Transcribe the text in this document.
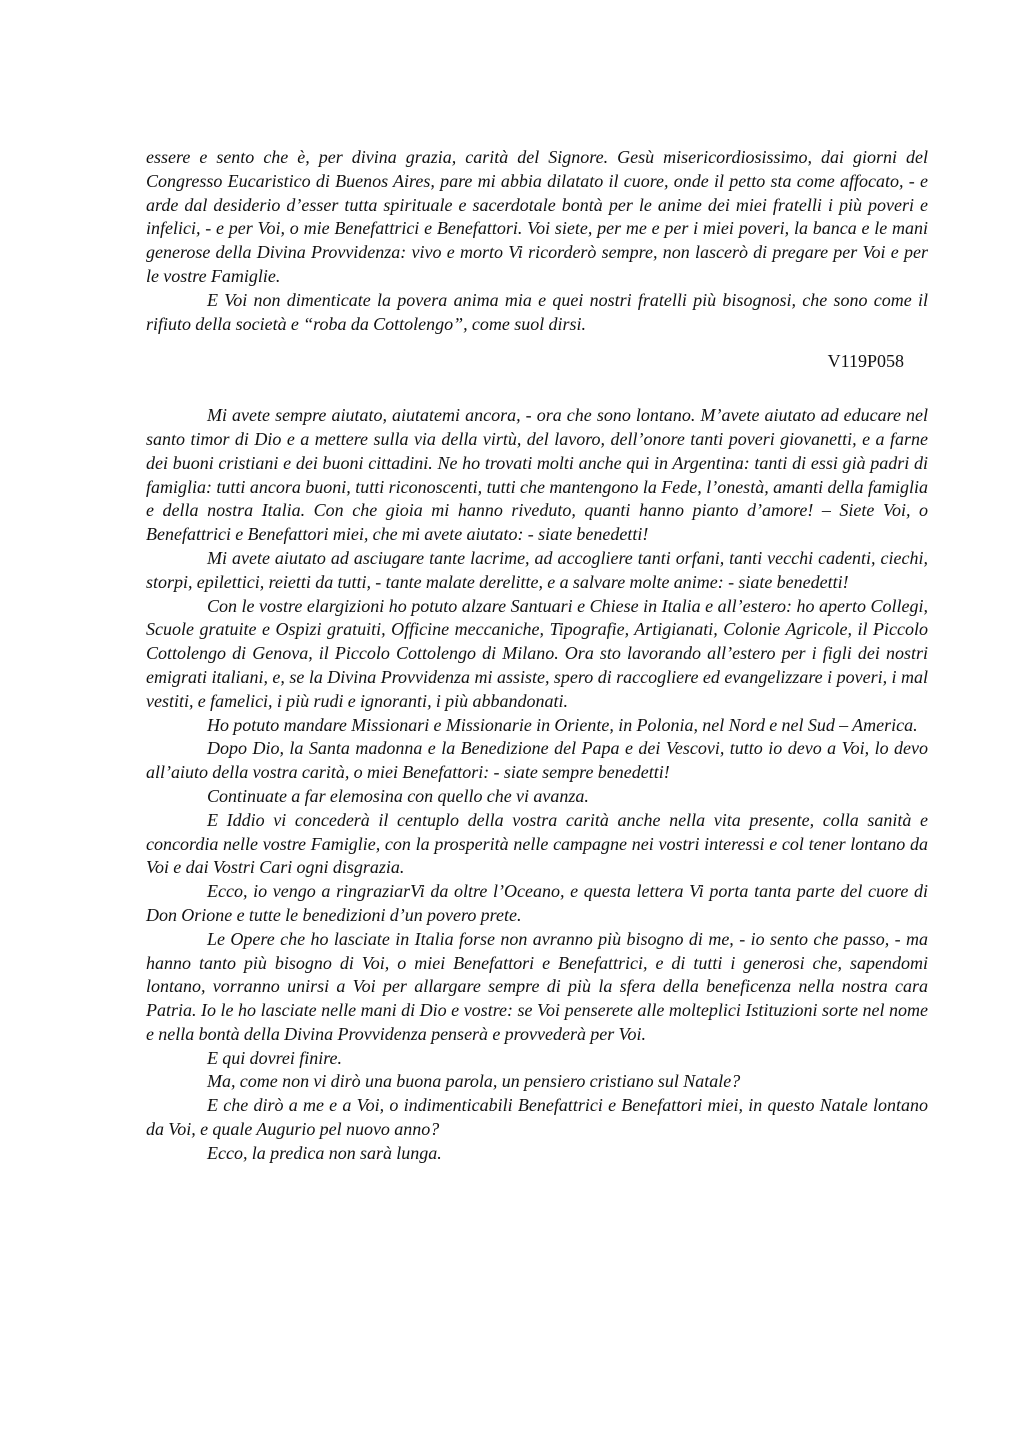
essere e sento che è, per divina grazia, carità del Signore. Gesù misericordiosissimo, dai giorni del Congresso Eucaristico di Buenos Aires, pare mi abbia dilatato il cuore, onde il petto sta come affocato, - e arde dal desiderio d’esser tutta spirituale e sacerdotale bontà per le anime dei miei fratelli i più poveri e infelici, - e per Voi, o mie Benefattrici e Benefattori. Voi siete, per me e per i miei poveri, la banca e le mani generose della Divina Provvidenza: vivo e morto Vi ricorderò sempre, non lascerò di pregare per Voi e per le vostre Famiglie.

E Voi non dimenticate la povera anima mia e quei nostri fratelli più bisognosi, che sono come il rifiuto della società e “roba da Cottolengo”, come suol dirsi.

V119P058

Mi avete sempre aiutato, aiutatemi ancora, - ora che sono lontano. M’avete aiutato ad educare nel santo timor di Dio e a mettere sulla via della virtù, del lavoro, dell’onore tanti poveri giovanetti, e a farne dei buoni cristiani e dei buoni cittadini. Ne ho trovati molti anche qui in Argentina: tanti di essi già padri di famiglia: tutti ancora buoni, tutti riconoscenti, tutti che mantengono la Fede, l’onestà, amanti della famiglia e della nostra Italia. Con che gioia mi hanno riveduto, quanti hanno pianto d’amore! – Siete Voi, o Benefattrici e Benefattori miei, che mi avete aiutato: - siate benedetti!

Mi avete aiutato ad asciugare tante lacrime, ad accogliere tanti orfani, tanti vecchi cadenti, ciechi, storpi, epilettici, reietti da tutti, - tante malate derelitte, e a salvare molte anime: - siate benedetti!

Con le vostre elargizioni ho potuto alzare Santuari e Chiese in Italia e all’estero: ho aperto Collegi, Scuole gratuite e Ospizi gratuiti, Officine meccaniche, Tipografie, Artigianati, Colonie Agricole, il Piccolo Cottolengo di Genova, il Piccolo Cottolengo di Milano. Ora sto lavorando all’estero per i figli dei nostri emigrati italiani, e, se la Divina Provvidenza mi assiste, spero di raccogliere ed evangelizzare i poveri, i mal vestiti, e famelici, i più rudi e ignoranti, i più abbandonati.

Ho potuto mandare Missionari e Missionarie in Oriente, in Polonia, nel Nord e nel Sud – America.

Dopo Dio, la Santa madonna e la Benedizione del Papa e dei Vescovi, tutto io devo a Voi, lo devo all’aiuto della vostra carità, o miei Benefattori: - siate sempre benedetti!

Continuate a far elemosina con quello che vi avanza.

E Iddio vi concederà il centuplo della vostra carità anche nella vita presente, colla sanità e concordia nelle vostre Famiglie, con la prosperità nelle campagne nei vostri interessi e col tener lontano da Voi e dai Vostri Cari ogni disgrazia.

Ecco, io vengo a ringraziarVi da oltre l’Oceano, e questa lettera Vi porta tanta parte del cuore di Don Orione e tutte le benedizioni d’un povero prete.

Le Opere che ho lasciate in Italia forse non avranno più bisogno di me, - io sento che passo, - ma hanno tanto più bisogno di Voi, o miei Benefattori e Benefattrici, e di tutti i generosi che, sapendomi lontano, vorranno unirsi a Voi per allargare sempre di più la sfera della beneficenza nella nostra cara Patria. Io le ho lasciate nelle mani di Dio e vostre: se Voi penserete alle molteplici Istituzioni sorte nel nome e nella bontà della Divina Provvidenza penserà e provvederà per Voi.

E qui dovrei finire.

Ma, come non vi dirò una buona parola, un pensiero cristiano sul Natale?

E che dirò a me e a Voi, o indimenticabili Benefattrici e Benefattori miei, in questo Natale lontano da Voi, e quale Augurio pel nuovo anno?

Ecco, la predica non sarà lunga.
